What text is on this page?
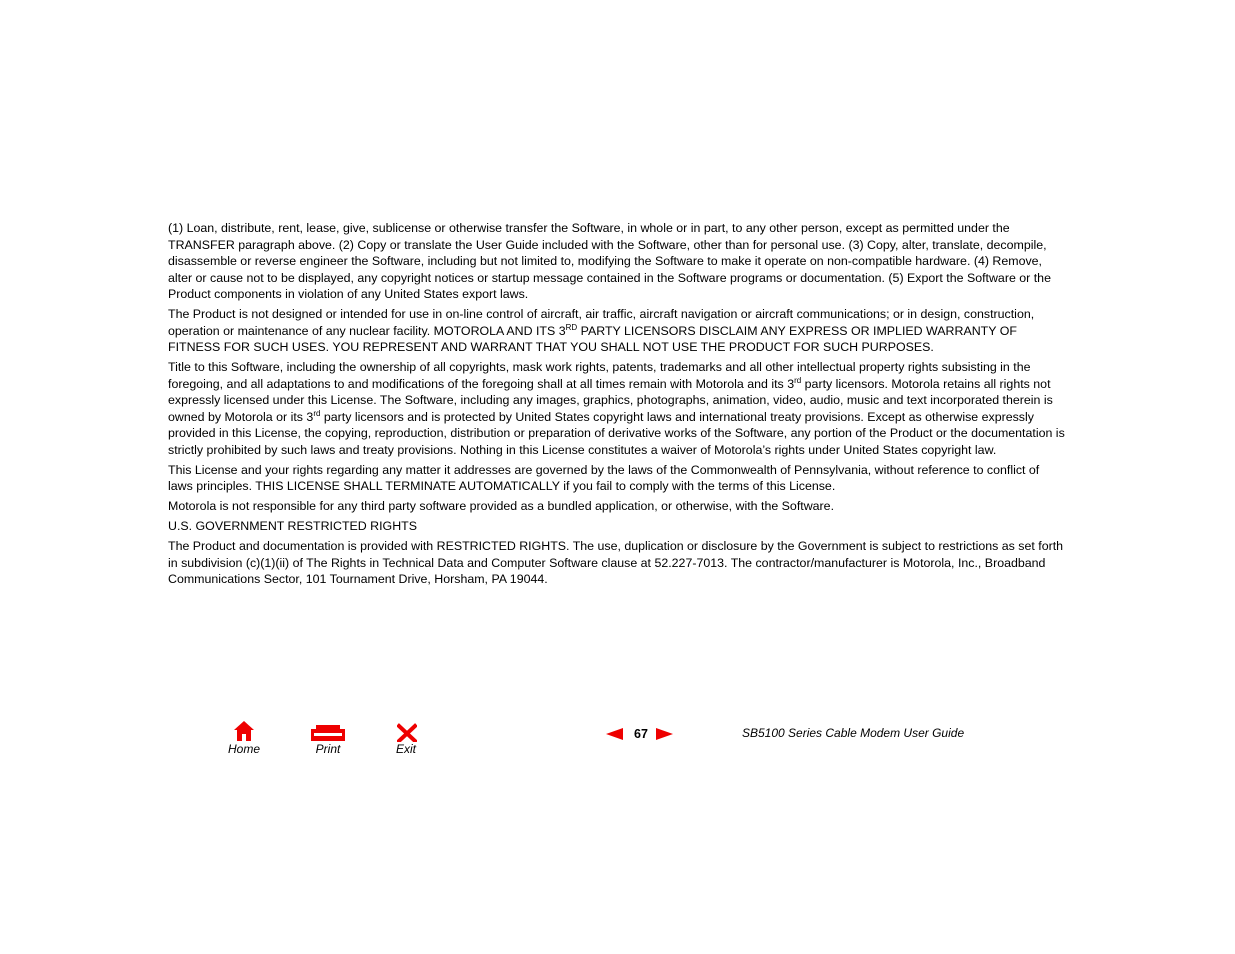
(1) Loan, distribute, rent, lease, give, sublicense or otherwise transfer the Software, in whole or in part, to any other person, except as permitted under the TRANSFER paragraph above. (2) Copy or translate the User Guide included with the Software, other than for personal use. (3) Copy, alter, translate, decompile, disassemble or reverse engineer the Software, including but not limited to, modifying the Software to make it operate on non-compatible hardware. (4) Remove, alter or cause not to be displayed, any copyright notices or startup message contained in the Software programs or documentation. (5) Export the Software or the Product components in violation of any United States export laws.

The Product is not designed or intended for use in on-line control of aircraft, air traffic, aircraft navigation or aircraft communications; or in design, construction, operation or maintenance of any nuclear facility. MOTOROLA AND ITS 3RD PARTY LICENSORS DISCLAIM ANY EXPRESS OR IMPLIED WARRANTY OF FITNESS FOR SUCH USES. YOU REPRESENT AND WARRANT THAT YOU SHALL NOT USE THE PRODUCT FOR SUCH PURPOSES.

Title to this Software, including the ownership of all copyrights, mask work rights, patents, trademarks and all other intellectual property rights subsisting in the foregoing, and all adaptations to and modifications of the foregoing shall at all times remain with Motorola and its 3rd party licensors. Motorola retains all rights not expressly licensed under this License. The Software, including any images, graphics, photographs, animation, video, audio, music and text incorporated therein is owned by Motorola or its 3rd party licensors and is protected by United States copyright laws and international treaty provisions. Except as otherwise expressly provided in this License, the copying, reproduction, distribution or preparation of derivative works of the Software, any portion of the Product or the documentation is strictly prohibited by such laws and treaty provisions. Nothing in this License constitutes a waiver of Motorola’s rights under United States copyright law.

This License and your rights regarding any matter it addresses are governed by the laws of the Commonwealth of Pennsylvania, without reference to conflict of laws principles. THIS LICENSE SHALL TERMINATE AUTOMATICALLY if you fail to comply with the terms of this License.

Motorola is not responsible for any third party software provided as a bundled application, or otherwise, with the Software.

U.S. GOVERNMENT RESTRICTED RIGHTS

The Product and documentation is provided with RESTRICTED RIGHTS. The use, duplication or disclosure by the Government is subject to restrictions as set forth in subdivision (c)(1)(ii) of The Rights in Technical Data and Computer Software clause at 52.227-7013. The contractor/manufacturer is Motorola, Inc., Broadband Communications Sector, 101 Tournament Drive, Horsham, PA 19044.

Home	Print	Exit
67	SB5100 Series Cable Modem User Guide
